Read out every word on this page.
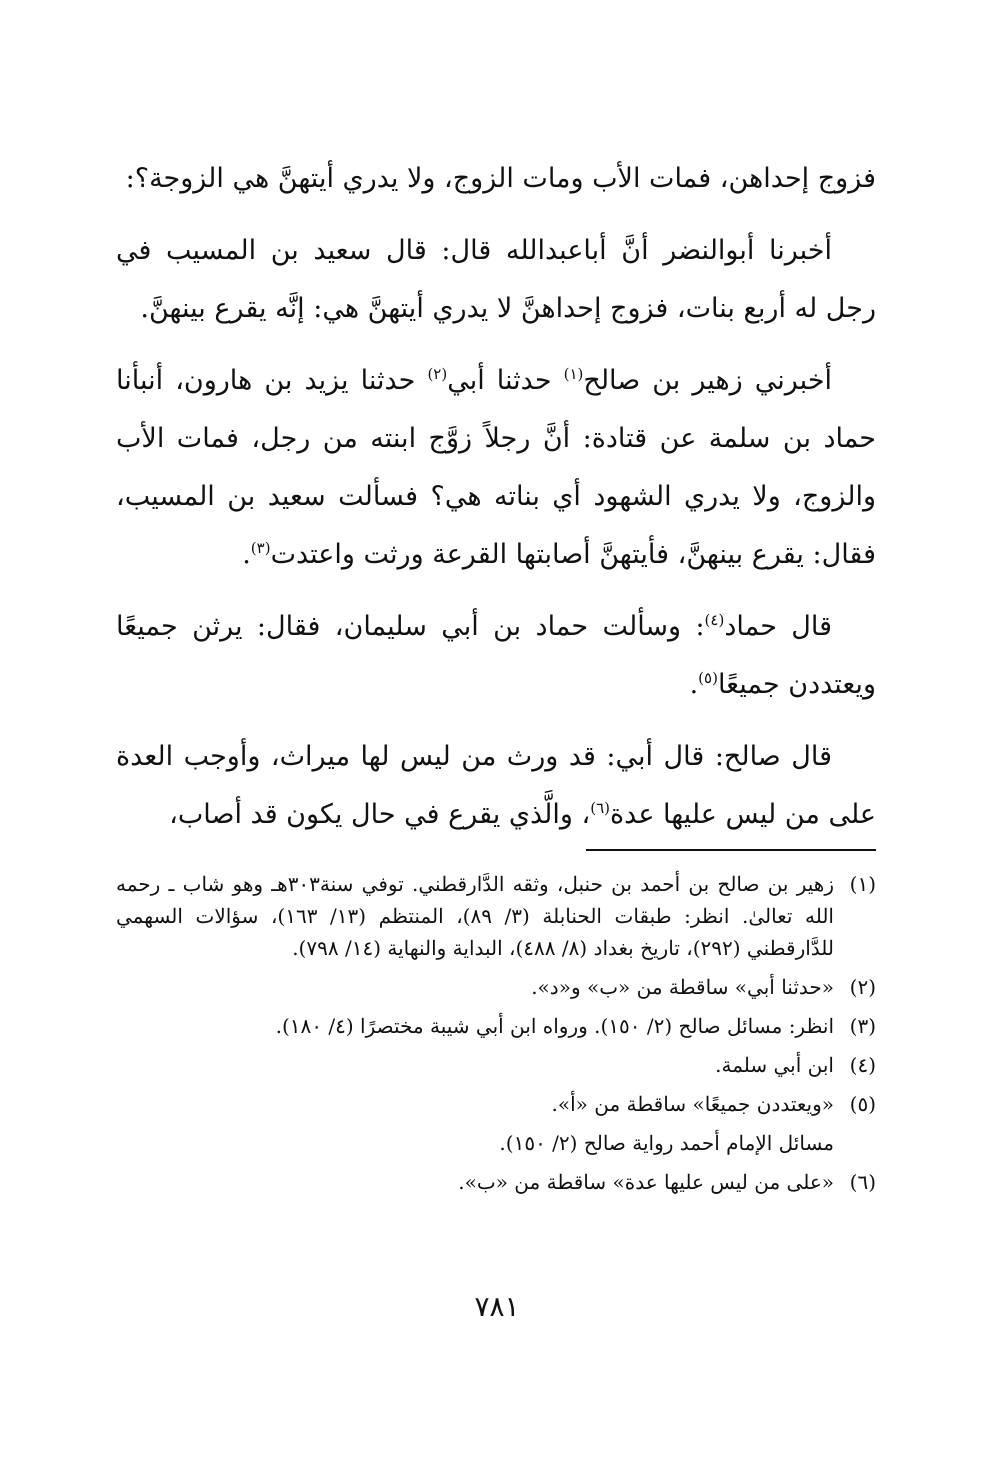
فزوج إحداهن، فمات الأب ومات الزوج، ولا يدري أيتهنَّ هي الزوجة؟:

أخبرنا أبوالنضر أنَّ أباعبدالله قال: قال سعيد بن المسيب في رجل له أربع بنات، فزوج إحداهنَّ لا يدري أيتهنَّ هي: إنَّه يقرع بينهنَّ.

أخبرني زهير بن صالح$^{(١)}$ حدثنا أبي$^{(٢)}$ حدثنا يزيد بن هارون، أنبأنا حماد بن سلمة عن قتادة: أنَّ رجلاً زوَّج ابنته من رجل، فمات الأب والزوج، ولا يدري الشهود أي بناته هي؟ فسألت سعيد بن المسيب، فقال: يقرع بينهنَّ، فأيتهنَّ أصابتها القرعة ورثت واعتدت$^{(٣)}$.

قال حماد$^{(٤)}$: وسألت حماد بن أبي سليمان، فقال: يرثن جميعًا ويعتددن جميعًا$^{(٥)}$.

قال صالح: قال أبي: قد ورث من ليس لها ميراث، وأوجب العدة على من ليس عليها عدة$^{(٦)}$، والَّذي يقرع في حال يكون قد أصاب،

(١)
زهير بن صالح بن أحمد بن حنبل، وثقه الدَّارقطني. توفي سنة٣٠٣هـ وهو شاب ـ رحمه الله تعالىٰ. انظر: طبقات الحنابلة (٣/ ٨٩)، المنتظم (١٣/ ١٦٣)، سؤالات السهمي للدَّارقطني (٢٩٢)، تاريخ بغداد (٨/ ٤٨٨)، البداية والنهاية (١٤/ ٧٩٨).
(٢)
«حدثنا أبي» ساقطة من «ب» و«د».
(٣)
انظر: مسائل صالح (٢/ ١٥٠). ورواه ابن أبي شيبة مختصرًا (٤/ ١٨٠).
(٤)
ابن أبي سلمة.
(٥)
«ويعتددن جميعًا» ساقطة من «أ».
مسائل الإمام أحمد رواية صالح (٢/ ١٥٠).
(٦)
«على من ليس عليها عدة» ساقطة من «ب».
٧٨١
